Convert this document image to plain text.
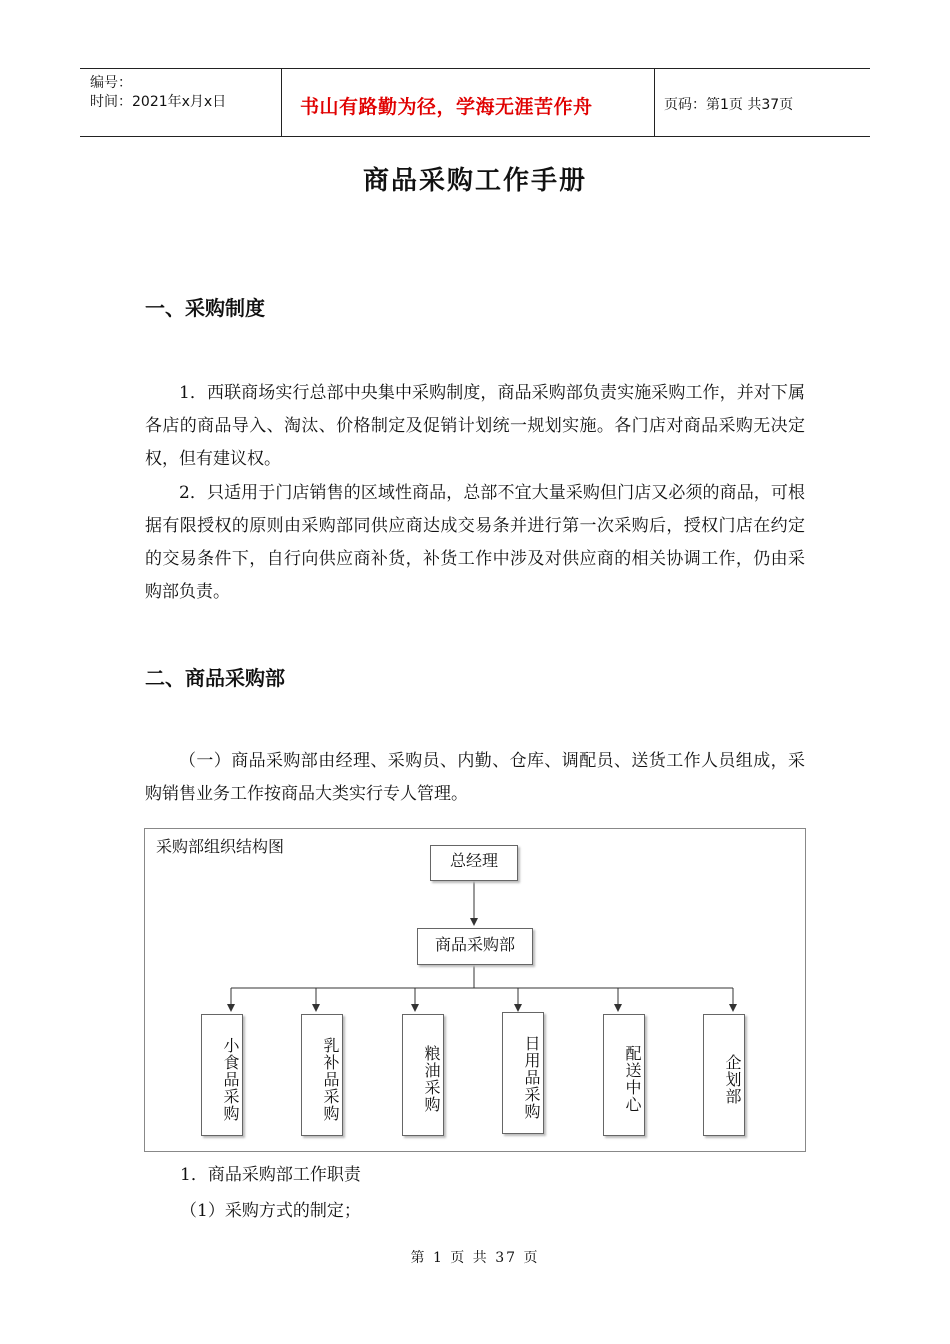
编号：
时间：2021年x月x日	书山有路勤为径，学海无涯苦作舟	页码：第1页 共37页
商品采购工作手册
一、采购制度
1．西联商场实行总部中央集中采购制度，商品采购部负责实施采购工作，并对下属各店的商品导入、淘汰、价格制定及促销计划统一规划实施。各门店对商品采购无决定权，但有建议权。
2．只适用于门店销售的区域性商品，总部不宜大量采购但门店又必须的商品，可根据有限授权的原则由采购部同供应商达成交易条并进行第一次采购后，授权门店在约定的交易条件下，自行向供应商补货，补货工作中涉及对供应商的相关协调工作，仍由采购部负责。
二、商品采购部
（一）商品采购部由经理、采购员、内勤、仓库、调配员、送货工作人员组成，采购销售业务工作按商品大类实行专人管理。
采购部组织结构图
总经理
商品采购部
小食品采购	乳补品采购	粮油采购	日用品采购	配送中心	企划部
1．商品采购部工作职责
（1）采购方式的制定；
第 1 页 共 37 页
